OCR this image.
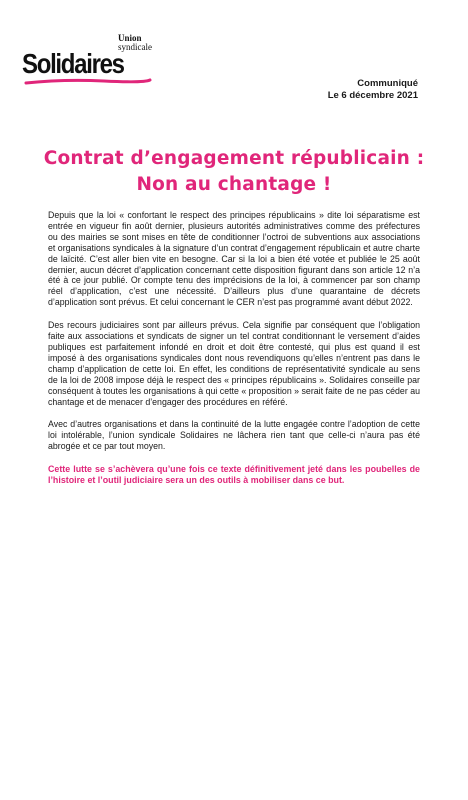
Union
syndicale
Solidaires
Communiqué
Le 6 décembre 2021
Contrat d’engagement républicain :
Non au chantage !

Depuis que la loi « confortant le respect des principes républicains » dite loi séparatisme est entrée en vigueur fin août dernier, plusieurs autorités administratives comme des préfectures ou des mairies se sont mises en tête de conditionner l’octroi de subventions aux associations et organisations syndicales à la signature d’un contrat d’engagement républicain et autre charte de laïcité. C’est aller bien vite en besogne. Car si la loi a bien été votée et publiée le 25 août dernier, aucun décret d’application concernant cette disposition figurant dans son article 12 n’a été à ce jour publié. Or compte tenu des imprécisions de la loi, à commencer par son champ réel d’application, c’est une nécessité. D’ailleurs plus d’une quarantaine de décrets d’application sont prévus. Et celui concernant le CER n’est pas programmé avant début 2022.

Des recours judiciaires sont par ailleurs prévus. Cela signifie par conséquent que l’obligation faite aux associations et syndicats de signer un tel contrat conditionnant le versement d’aides publiques est parfaitement infondé en droit et doit être contesté, qui plus est quand il est imposé à des organisations syndicales dont nous revendiquons qu’elles n’entrent pas dans le champ d’application de cette loi. En effet, les conditions de représentativité syndicale au sens de la loi de 2008 impose déjà le respect des « principes républicains ». Solidaires conseille par conséquent à toutes les organisations à qui cette « proposition » serait faite de ne pas céder au chantage et de menacer d’engager des procédures en référé.

Avec d’autres organisations et dans la continuité de la lutte engagée contre l’adoption de cette loi intolérable, l’union syndicale Solidaires ne lâchera rien tant que celle-ci n’aura pas été abrogée et ce par tout moyen.

Cette lutte se s’achèvera qu’une fois ce texte définitivement jeté dans les poubelles de l’histoire et l’outil judiciaire sera un des outils à mobiliser dans ce but.
